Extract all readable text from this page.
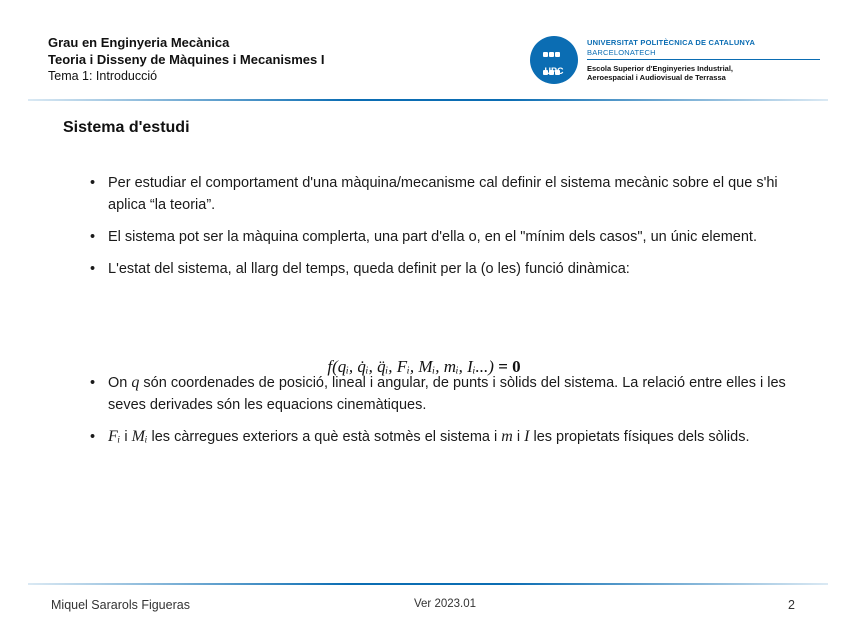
Grau en Enginyeria Mecànica
Teoria i Disseny de Màquines i Mecanismes I
Tema 1: Introducció
	UPC
UNIVERSITAT POLITÈCNICA DE CATALUNYA
BARCELONATECH
Escola Superior d'Enginyeries Industrial,
Aeroespacial i Audiovisual de Terrassa
Sistema d'estudi
• Per estudiar el comportament d'una màquina/mecanisme cal definir el sistema mecànic sobre el que s'hi aplica “la teoria”.
• El sistema pot ser la màquina complerta, una part d'ella o, en el "mínim dels casos", un únic element.
• L'estat del sistema, al llarg del temps, queda definit per la (o les) funció dinàmica:
• On q són coordenades de posició, lineal i angular, de punts i sòlids del sistema. La relació entre elles i les seves derivades són les equacions cinemàtiques.
• Fᵢ i Mᵢ les càrregues exteriors a què està sotmès el sistema i m i I les propietats físiques dels sòlids.
f(qᵢ, q̇ᵢ, q̈ᵢ, Fᵢ, Mᵢ, mᵢ, Iᵢ...) = 0
Miquel Sararols Figueras	Ver 2023.01	2
